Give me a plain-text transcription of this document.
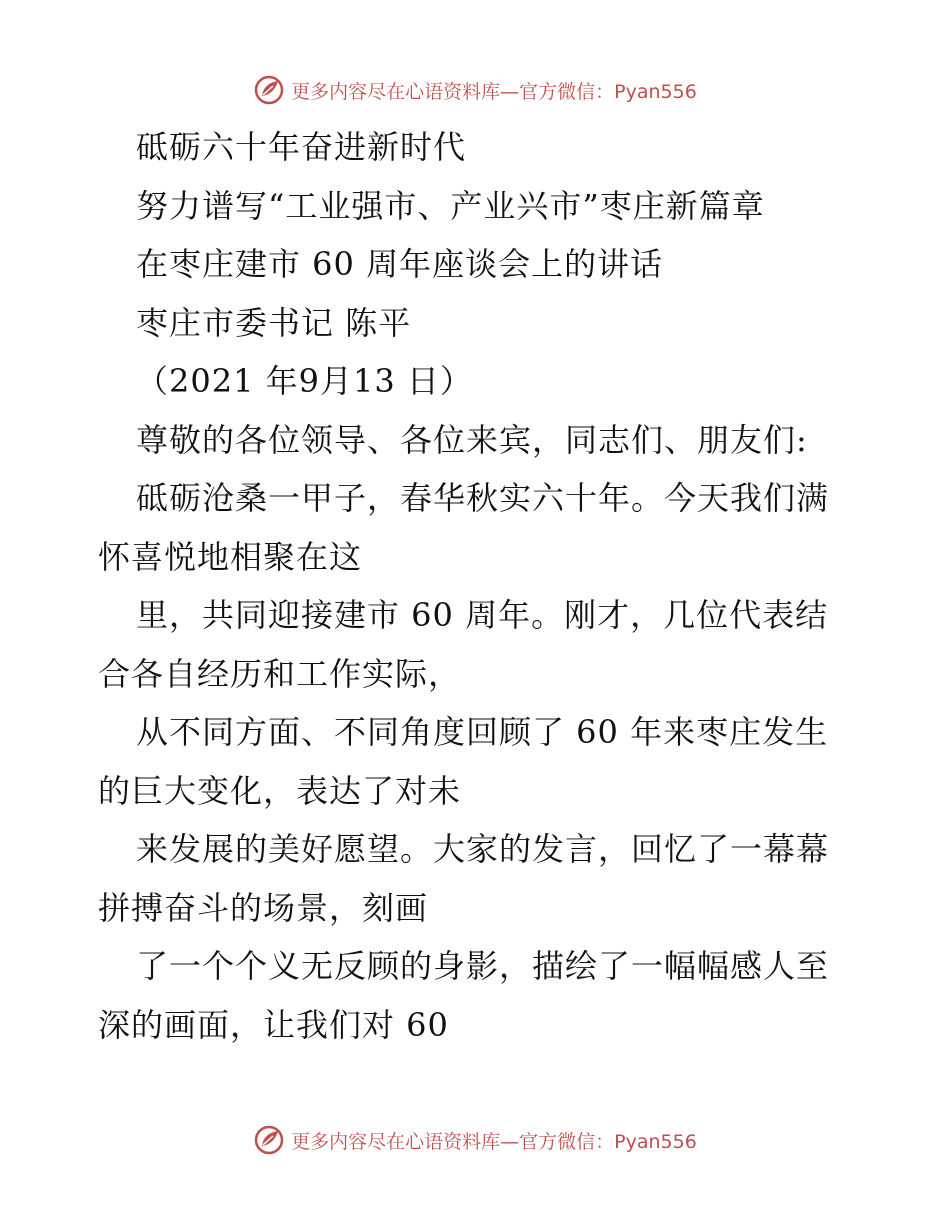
更多内容尽在心语资料库—官方微信：Pyan556
砥砺六十年奋进新时代
努力谱写“工业强市、产业兴市”枣庄新篇章
在枣庄建市 60 周年座谈会上的讲话
枣庄市委书记 陈平
（2021 年9月13 日）
尊敬的各位领导、各位来宾，同志们、朋友们:
砥砺沧桑一甲子，春华秋实六十年。今天我们满
怀喜悦地相聚在这
里，共同迎接建市 60 周年。刚才，几位代表结
合各自经历和工作实际，
从不同方面、不同角度回顾了 60 年来枣庄发生
的巨大变化，表达了对未
来发展的美好愿望。大家的发言，回忆了一幕幕
拼搏奋斗的场景，刻画
了一个个义无反顾的身影，描绘了一幅幅感人至
深的画面，让我们对 60
更多内容尽在心语资料库—官方微信：Pyan556
